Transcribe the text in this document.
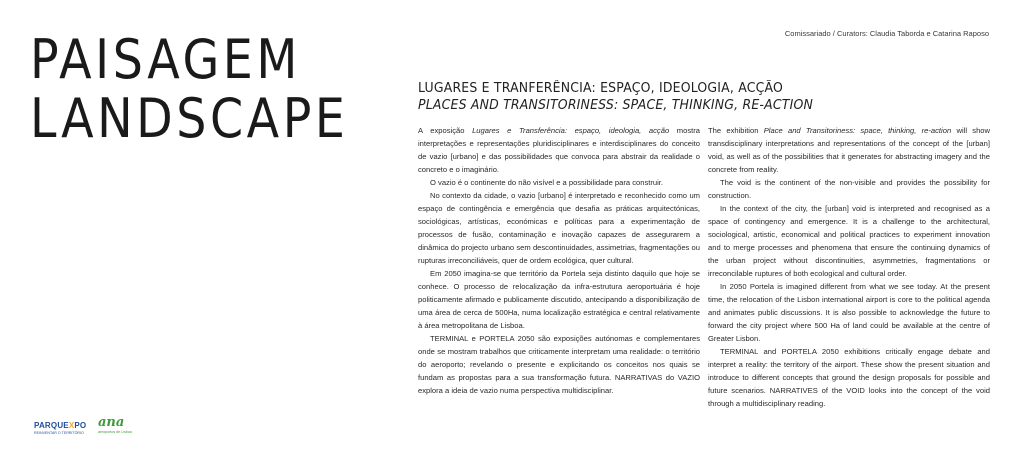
PAISAGEM
LANDSCAPE
Comissariado / Curators: Claudia Taborda e Catarina Raposo
LUGARES E TRANFERÊNCIA: ESPAÇO, IDEOLOGIA, ACÇÃO
PLACES AND TRANSITORINESS: SPACE, THINKING, RE-ACTION

A exposição Lugares e Transferência: espaço, ideologia, acção mostra interpretações e representações pluridisciplinares e interdisciplinares do conceito de vazio [urbano] e das possibilidades que convoca para abstrair da realidade o concreto e o imaginário.

O vazio é o continente do não visível e a possibilidade para construir.

No contexto da cidade, o vazio [urbano] é interpretado e reconhecido como um espaço de contingência e emergência que desafia as práticas arquitectónicas, sociológicas, artísticas, económicas e políticas para a experimentação de processos de fusão, contaminação e inovação capazes de assegurarem a dinâmica do projecto urbano sem descontinuidades, assimetrias, fragmentações ou rupturas irreconciliáveis, quer de ordem ecológica, quer cultural.

Em 2050 imagina-se que território da Portela seja distinto daquilo que hoje se conhece. O processo de relocalização da infra-estrutura aeroportuária é hoje politicamente afirmado e publicamente discutido, antecipando a disponibilização de uma área de cerca de 500Ha, numa localização estratégica e central relativamente à área metropolitana de Lisboa.

TERMINAL e PORTELA 2050 são exposições autónomas e complementares onde se mostram trabalhos que criticamente interpretam uma realidade: o território do aeroporto; revelando o presente e explicitando os conceitos nos quais se fundam as propostas para a sua transformação futura. NARRATIVAS do VAZIO explora a ideia de vazio numa perspectiva multidisciplinar.

The exhibition Place and Transitoriness: space, thinking, re-action will show transdisciplinary interpretations and representations of the concept of the [urban] void, as well as of the possibilities that it generates for abstracting imagery and the concrete from reality.

The void is the continent of the non-visible and provides the possibility for construction.

In the context of the city, the [urban] void is interpreted and recognised as a space of contingency and emergence. It is a challenge to the architectural, sociological, artistic, economical and political practices to experiment innovation and to merge processes and phenomena that ensure the continuing dynamics of the urban project without discontinuities, asymmetries, fragmentations or irreconcilable ruptures of both ecological and cultural order.

In 2050 Portela is imagined different from what we see today. At the present time, the relocation of the Lisbon international airport is core to the political agenda and animates public discussions. It is also possible to acknowledge the future to forward the city project where 500 Ha of land could be available at the centre of Greater Lisbon.

TERMINAL and PORTELA 2050 exhibitions critically engage debate and interpret a reality: the territory of the airport. These show the present situation and introduce to different concepts that ground the design proposals for possible and future scenarios. NARRATIVES of the VOID looks into the concept of the void through a multidisciplinary reading.

PARQUEXPO
REINVENTAR O TERRITÓRIO
ana
aeroportos de Lisboa
